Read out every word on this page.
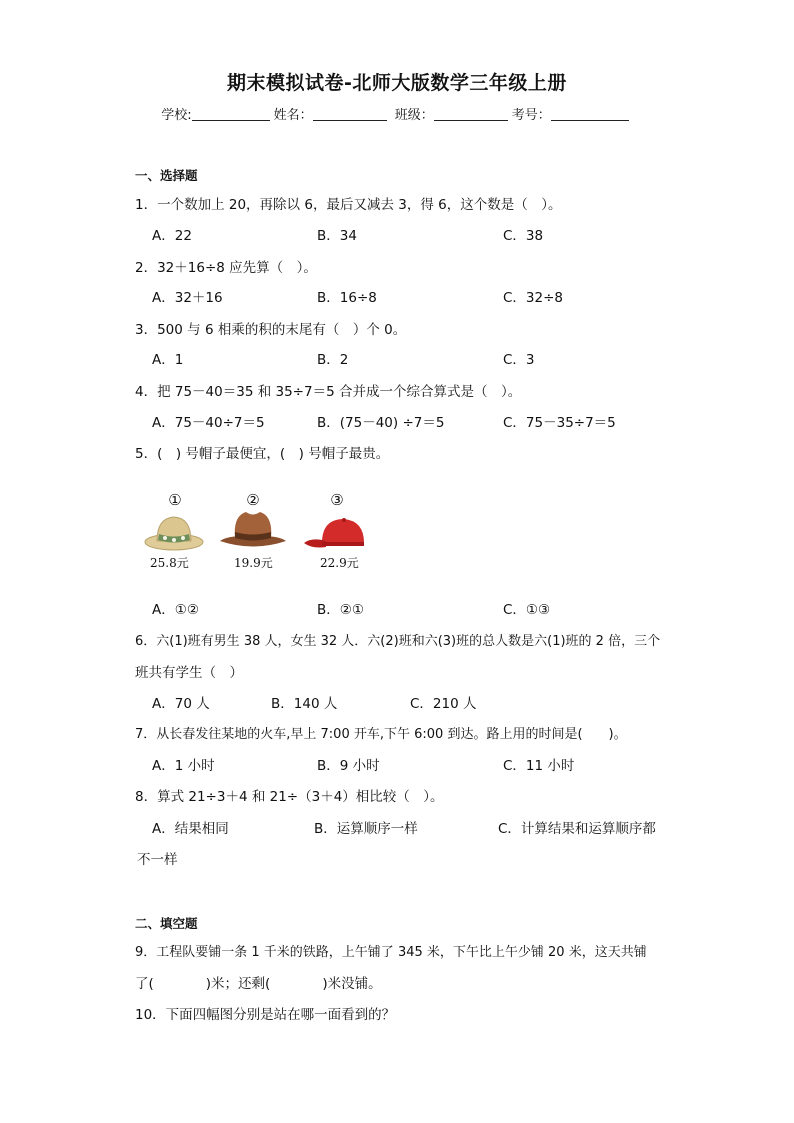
期末模拟试卷-北师大版数学三年级上册
学校:	姓名：	班级：	考号：
一、选择题
1．一个数加上 20，再除以 6，最后又减去 3，得 6，这个数是（　）。
A．22	B．34	C．38
2．32＋16÷8 应先算（　）。
A．32＋16	B．16÷8	C．32÷8
3．500 与 6 相乘的积的末尾有（　）个 0。
A．1	B．2	C．3
4．把 75－40＝35 和 35÷7＝5 合并成一个综合算式是（　）。
A．75－40÷7＝5	B．(75－40) ÷7＝5	C．75－35÷7＝5
5．(　) 号帽子最便宜，(　) 号帽子最贵。
①	②	③
25.8元	19.9元	22.9元
A．①②	B．②①	C．①③
6．六(1)班有男生 38 人，女生 32 人．六(2)班和六(3)班的总人数是六(1)班的 2 倍，三个
班共有学生（　）
A．70 人	B．140 人	C．210 人
7．从长春发往某地的火车,早上 7:00 开车,下午 6:00 到达。路上用的时间是(　　)。
A．1 小时	B．9 小时	C．11 小时
8．算式 21÷3＋4 和 21÷（3＋4）相比较（　）。
A．结果相同	B．运算顺序一样	C．计算结果和运算顺序都
不一样
二、填空题
9．工程队要铺一条 1 千米的铁路，上午铺了 345 米，下午比上午少铺 20 米，这天共铺
了(	)米；还剩(	)米没铺。
10．下面四幅图分别是站在哪一面看到的？
